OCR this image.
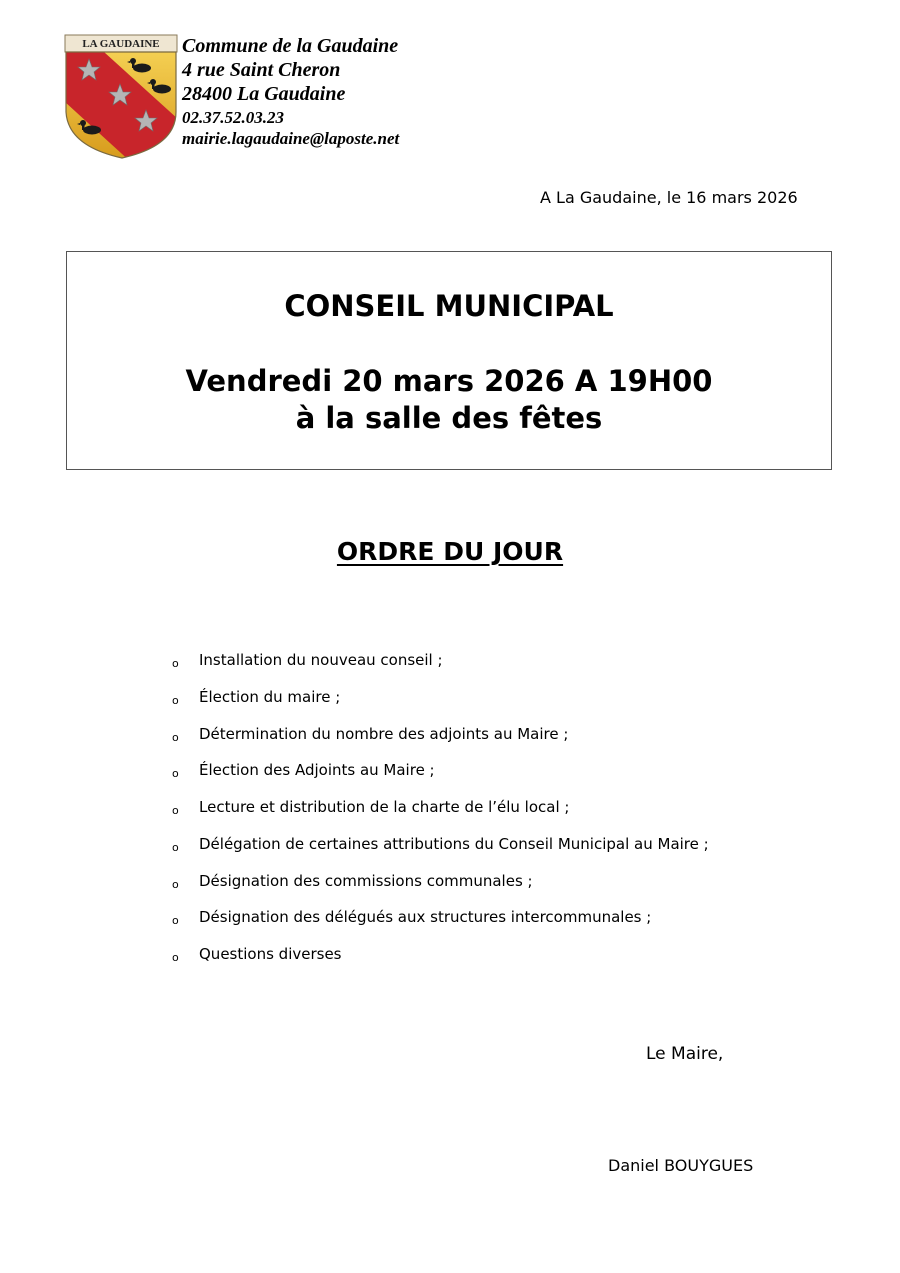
LA GAUDAINE Commune de la Gaudaine
4 rue Saint Cheron
28400 La Gaudaine
02.37.52.03.23
mairie.lagaudaine@laposte.net
A La Gaudaine, le 16 mars 2026
CONSEIL MUNICIPAL
Vendredi 20 mars 2026 A 19H00
à la salle des fêtes
ORDRE DU JOUR
o	Installation du nouveau conseil ;
o	Élection du maire ;
o	Détermination du nombre des adjoints au Maire ;
o	Élection des Adjoints au Maire ;
o	Lecture et distribution de la charte de l’élu local ;
o	Délégation de certaines attributions du Conseil Municipal au Maire ;
o	Désignation des commissions communales ;
o	Désignation des délégués aux structures intercommunales ;
o	Questions diverses
Le Maire,
Daniel BOUYGUES
